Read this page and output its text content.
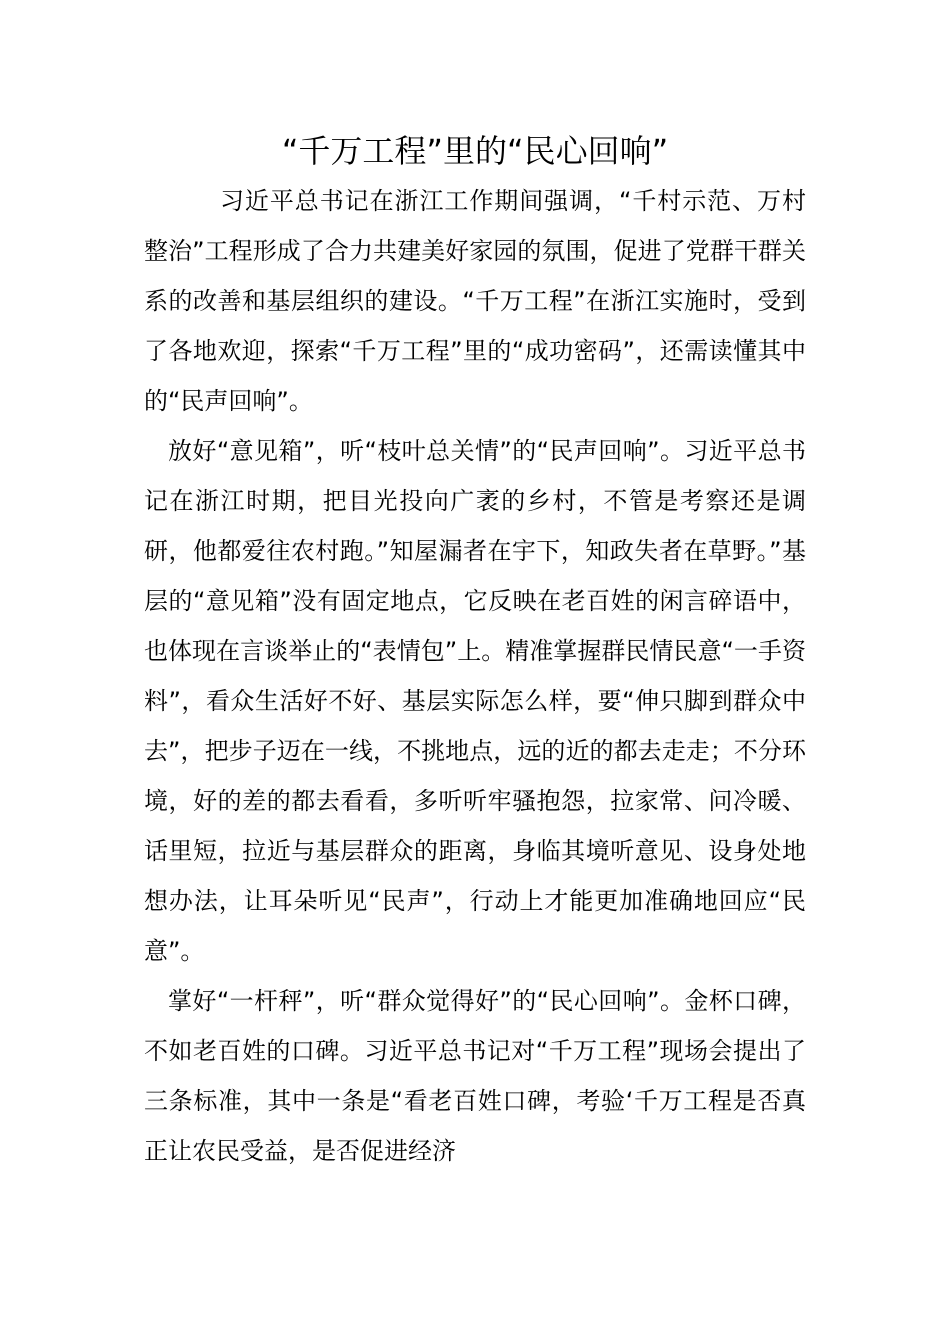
“千万工程”里的“民心回响”

习近平总书记在浙江工作期间强调，“千村示范、万村整治”工程形成了合力共建美好家园的氛围，促进了党群干群关系的改善和基层组织的建设。“千万工程”在浙江实施时，受到了各地欢迎，探索“千万工程”里的“成功密码”，还需读懂其中的“民声回响”。

放好“意见箱”，听“枝叶总关情”的“民声回响”。习近平总书记在浙江时期，把目光投向广袤的乡村，不管是考察还是调研，他都爱往农村跑。”知屋漏者在宇下，知政失者在草野。”基层的“意见箱”没有固定地点，它反映在老百姓的闲言碎语中，也体现在言谈举止的“表情包”上。精准掌握群民情民意“一手资料”，看众生活好不好、基层实际怎么样，要“伸只脚到群众中去”，把步子迈在一线，不挑地点，远的近的都去走走；不分环境，好的差的都去看看，多听听牢骚抱怨，拉家常、问冷暖、话里短，拉近与基层群众的距离，身临其境听意见、设身处地想办法，让耳朵听见“民声”，行动上才能更加准确地回应“民意”。

掌好“一杆秤”，听“群众觉得好”的“民心回响”。金杯口碑，不如老百姓的口碑。习近平总书记对“千万工程”现场会提出了三条标准，其中一条是“看老百姓口碑，考验‘千万工程是否真正让农民受益，是否促进经济
